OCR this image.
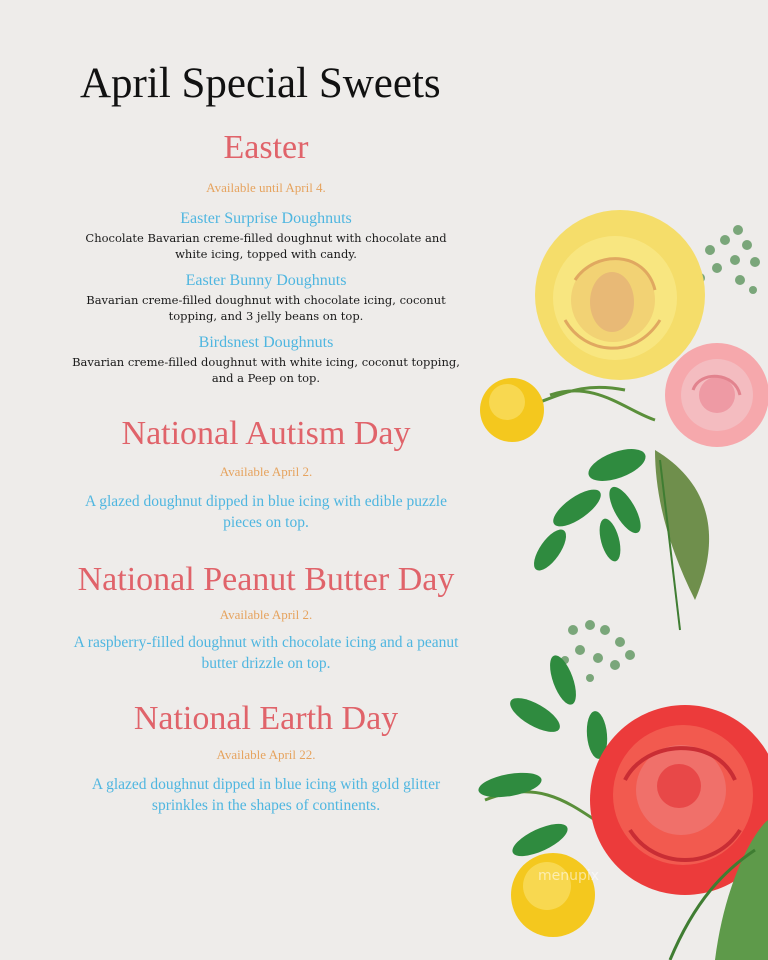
April Special Sweets

Easter

Available until April 4.

Easter Surprise Doughnuts

Chocolate Bavarian creme-filled doughnut with chocolate and white icing, topped with candy.

Easter Bunny Doughnuts

Bavarian creme-filled doughnut with chocolate icing, coconut topping, and 3 jelly beans on top.

Birdsnest Doughnuts

Bavarian creme-filled doughnut with white icing, coconut topping, and a Peep on top.

National Autism Day

Available April 2.

A glazed doughnut dipped in blue icing with edible puzzle pieces on top.

National Peanut Butter Day

Available April 2.

A raspberry-filled doughnut with chocolate icing and a peanut butter drizzle on top.

National Earth Day

Available April 22.

A glazed doughnut dipped in blue icing with gold glitter sprinkles in the shapes of continents.

menupix
